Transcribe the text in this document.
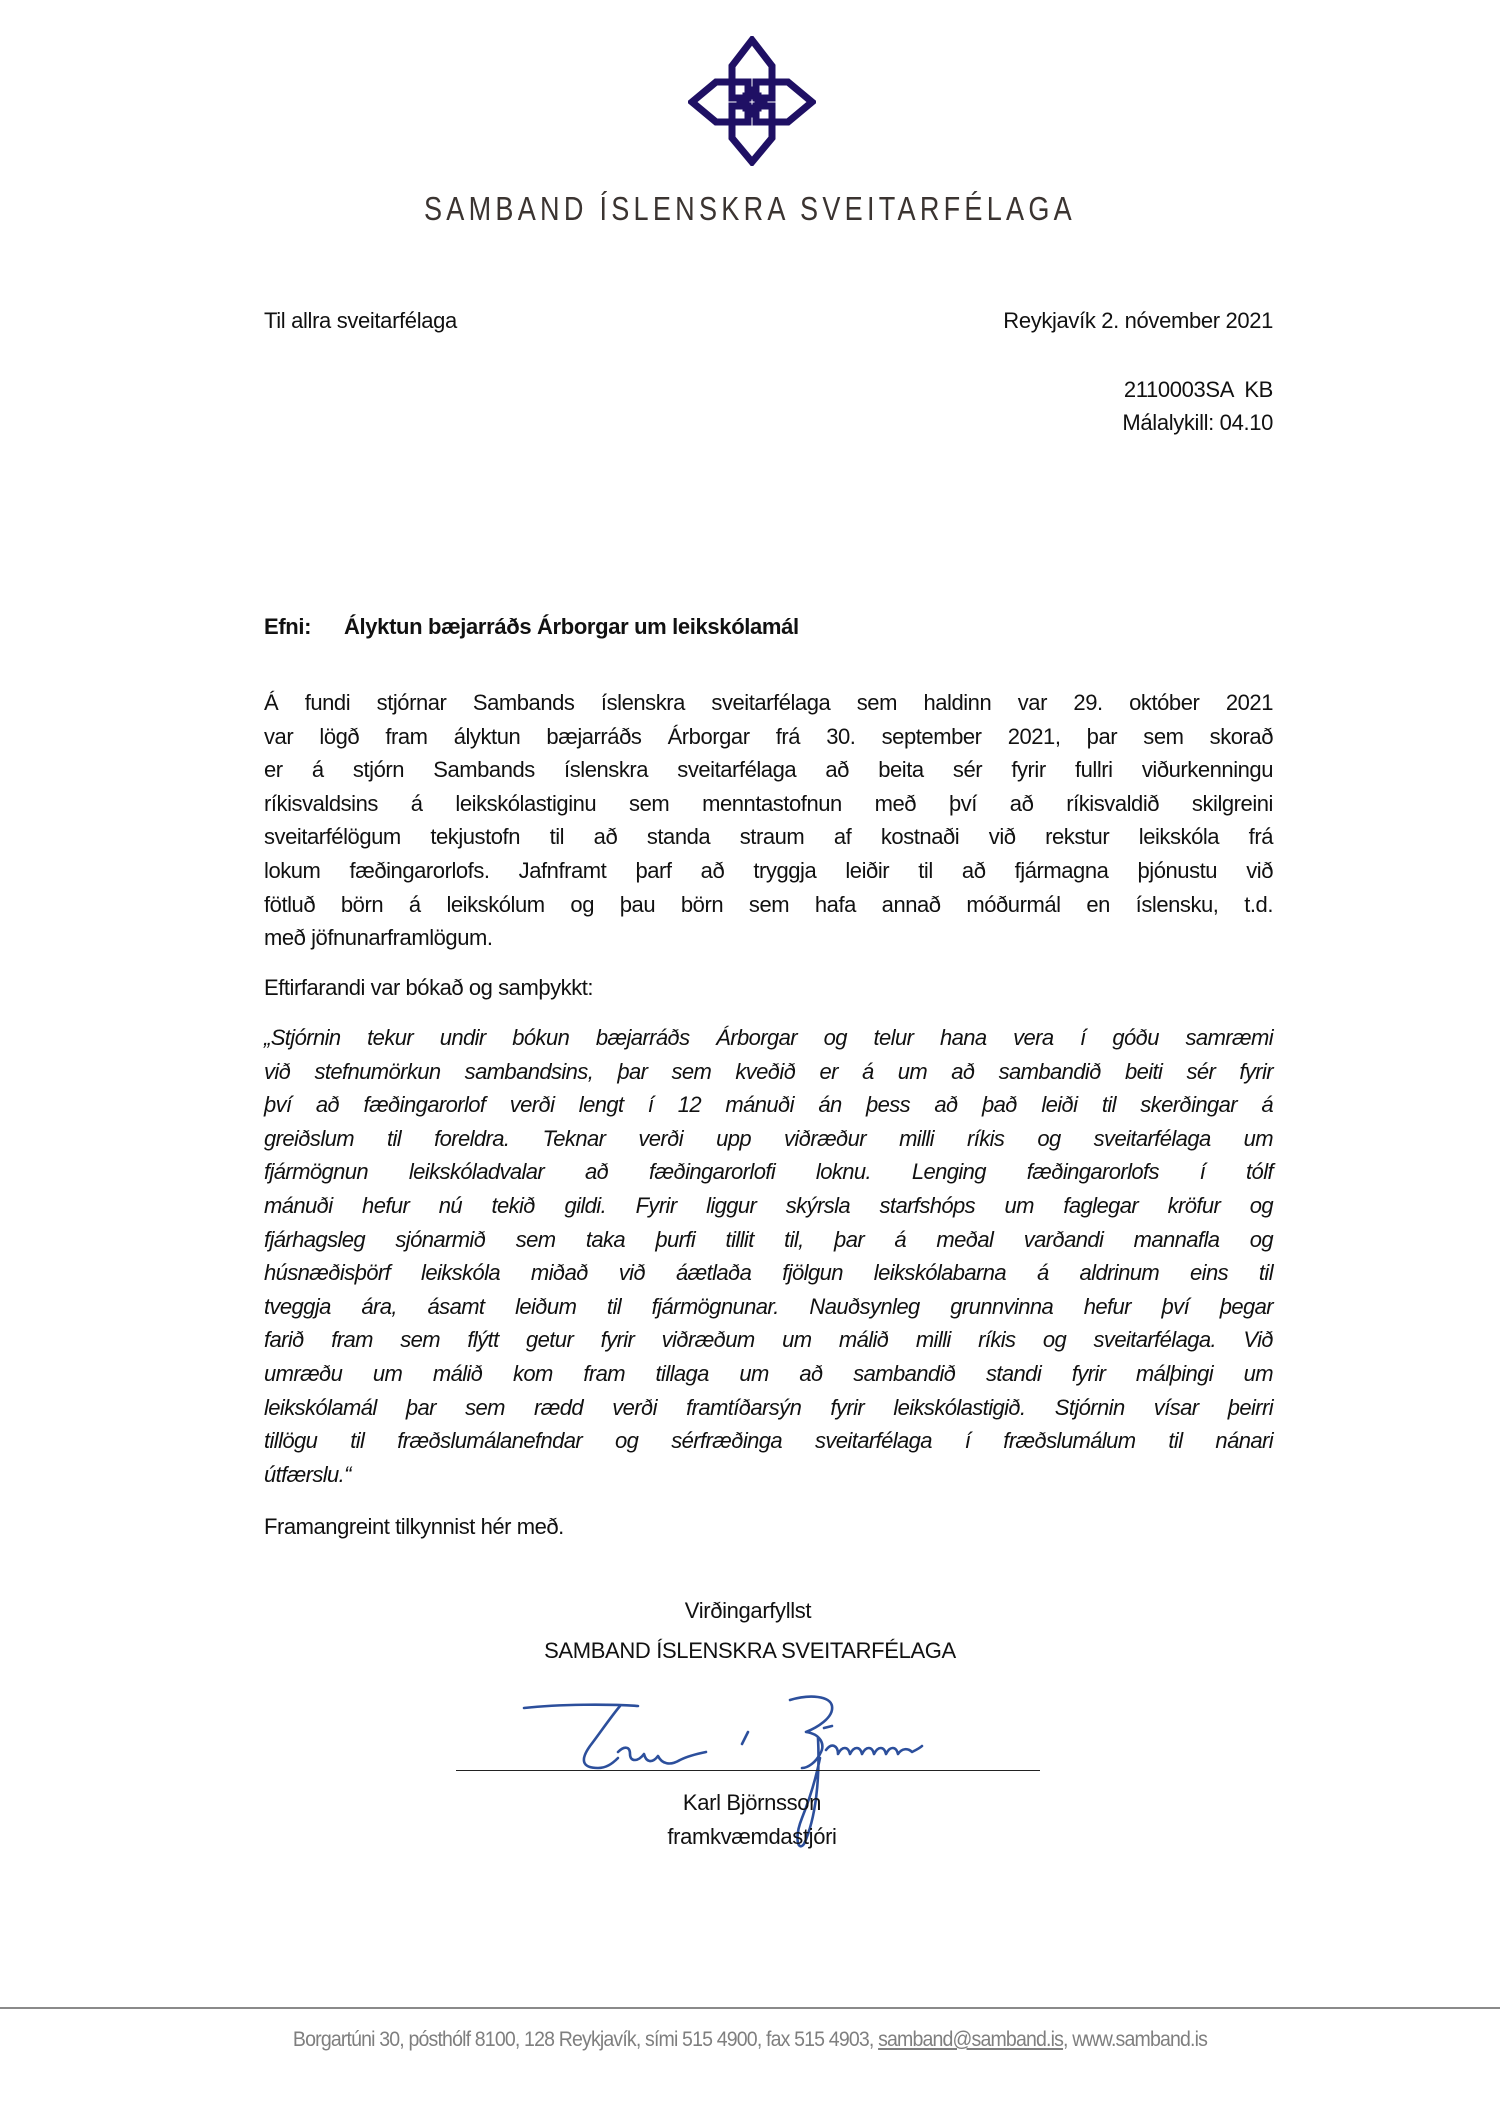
SAMBAND ÍSLENSKRA SVEITARFÉLAGA
Til allra sveitarfélaga	Reykjavík 2. nóvember 2021
2110003SA  KB
Málalykill: 04.10
Efni: Ályktun bæjarráðs Árborgar um leikskólamál
Á fundi stjórnar Sambands íslenskra sveitarfélaga sem haldinn var 29. október 2021
var lögð fram ályktun bæjarráðs Árborgar frá 30. september 2021, þar sem skorað
er á stjórn Sambands íslenskra sveitarfélaga að beita sér fyrir fullri viðurkenningu
ríkisvaldsins á leikskólastiginu sem menntastofnun með því að ríkisvaldið skilgreini
sveitarfélögum tekjustofn til að standa straum af kostnaði við rekstur leikskóla frá
lokum fæðingarorlofs. Jafnframt þarf að tryggja leiðir til að fjármagna þjónustu við
fötluð börn á leikskólum og þau börn sem hafa annað móðurmál en íslensku, t.d.
með jöfnunarframlögum.
Eftirfarandi var bókað og samþykkt:
„Stjórnin tekur undir bókun bæjarráðs Árborgar og telur hana vera í góðu samræmi
við stefnumörkun sambandsins, þar sem kveðið er á um að sambandið beiti sér fyrir
því að fæðingarorlof verði lengt í 12 mánuði án þess að það leiði til skerðingar á
greiðslum til foreldra. Teknar verði upp viðræður milli ríkis og sveitarfélaga um
fjármögnun leikskóladvalar að fæðingarorlofi loknu. Lenging fæðingarorlofs í tólf
mánuði hefur nú tekið gildi. Fyrir liggur skýrsla starfshóps um faglegar kröfur og
fjárhagsleg sjónarmið sem taka þurfi tillit til, þar á meðal varðandi mannafla og
húsnæðisþörf leikskóla miðað við áætlaða fjölgun leikskólabarna á aldrinum eins til
tveggja ára, ásamt leiðum til fjármögnunar. Nauðsynleg grunnvinna hefur því þegar
farið fram sem flýtt getur fyrir viðræðum um málið milli ríkis og sveitarfélaga. Við
umræðu um málið kom fram tillaga um að sambandið standi fyrir málþingi um
leikskólamál þar sem rædd verði framtíðarsýn fyrir leikskólastigið. Stjórnin vísar þeirri
tillögu til fræðslumálanefndar og sérfræðinga sveitarfélaga í fræðslumálum til nánari
útfærslu.“
Framangreint tilkynnist hér með.
Virðingarfyllst
SAMBAND ÍSLENSKRA SVEITARFÉLAGA
Karl Björnsson
framkvæmdastjóri
Borgartúni 30, pósthólf 8100, 128 Reykjavík, sími 515 4900, fax 515 4903, samband@samband.is, www.samband.is
